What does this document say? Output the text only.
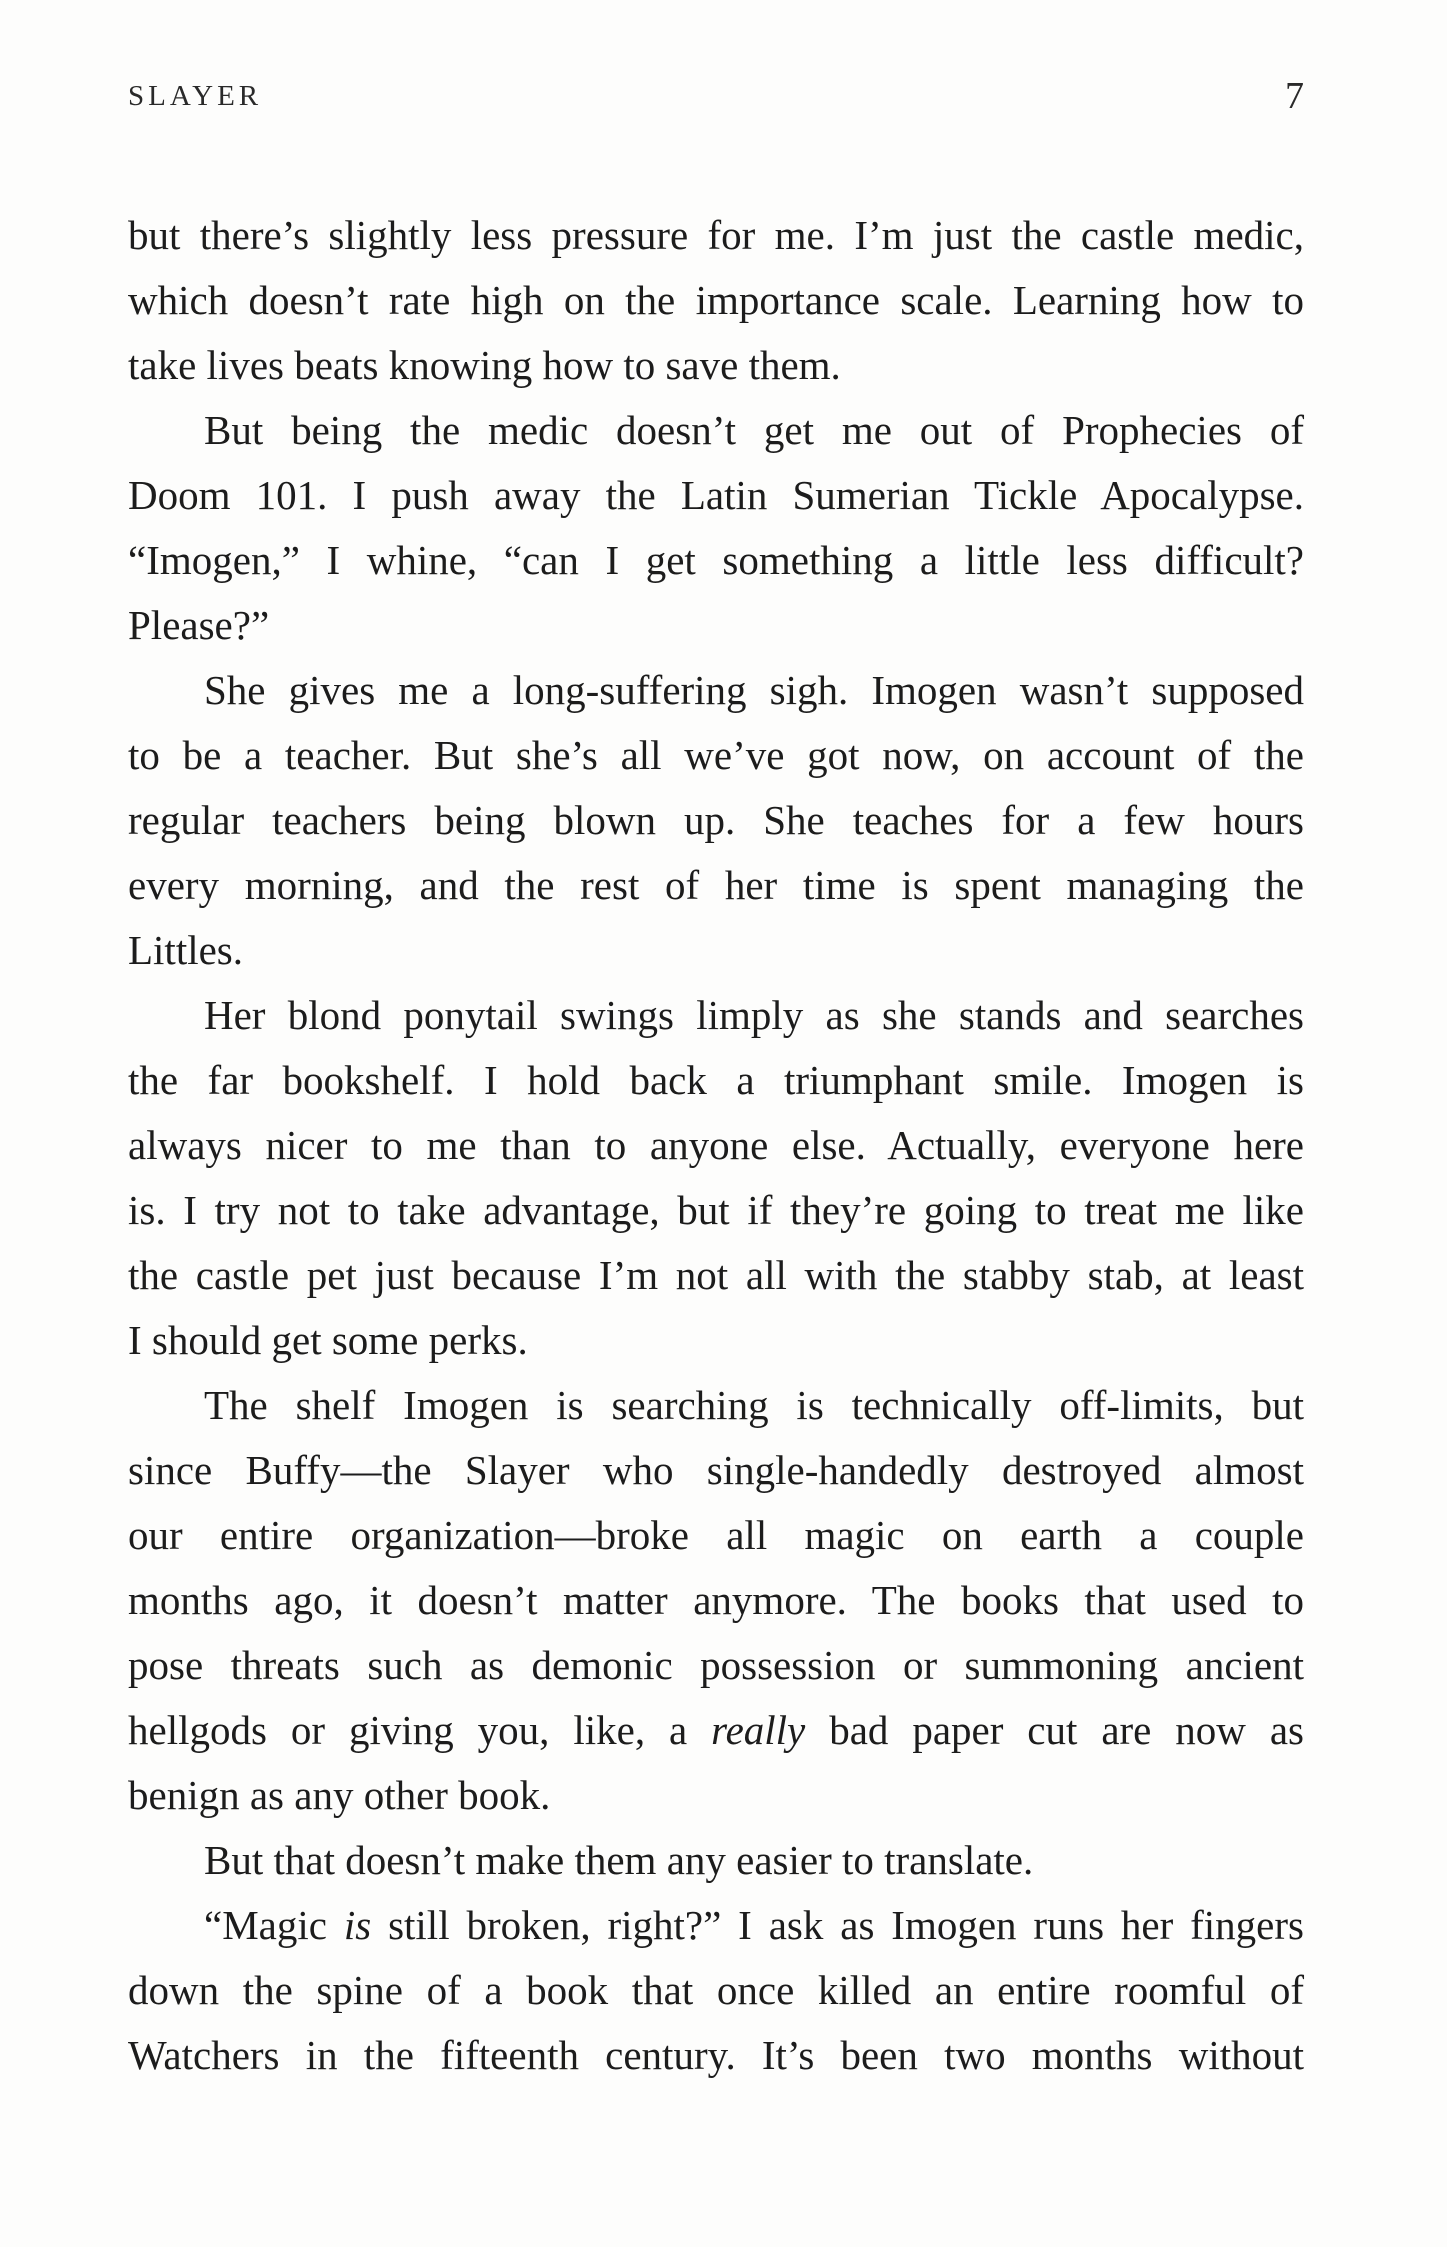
SLAYER	7
but there’s slightly less pressure for me. I’m just the castle medic,
which doesn’t rate high on the importance scale. Learning how to
take lives beats knowing how to save them.
But being the medic doesn’t get me out of Prophecies of
Doom 101. I push away the Latin Sumerian Tickle Apocalypse.
“Imogen,” I whine, “can I get something a little less difficult?
Please?”
She gives me a long-suffering sigh. Imogen wasn’t supposed
to be a teacher. But she’s all we’ve got now, on account of the
regular teachers being blown up. She teaches for a few hours
every morning, and the rest of her time is spent managing the
Littles.
Her blond ponytail swings limply as she stands and searches
the far bookshelf. I hold back a triumphant smile. Imogen is
always nicer to me than to anyone else. Actually, everyone here
is. I try not to take advantage, but if they’re going to treat me like
the castle pet just because I’m not all with the stabby stab, at least
I should get some perks.
The shelf Imogen is searching is technically off-limits, but
since Buffy—the Slayer who single-handedly destroyed almost
our entire organization—broke all magic on earth a couple
months ago, it doesn’t matter anymore. The books that used to
pose threats such as demonic possession or summoning ancient
hellgods or giving you, like, a really bad paper cut are now as
benign as any other book.
But that doesn’t make them any easier to translate.
“Magic is still broken, right?” I ask as Imogen runs her fingers
down the spine of a book that once killed an entire roomful of
Watchers in the fifteenth century. It’s been two months without
